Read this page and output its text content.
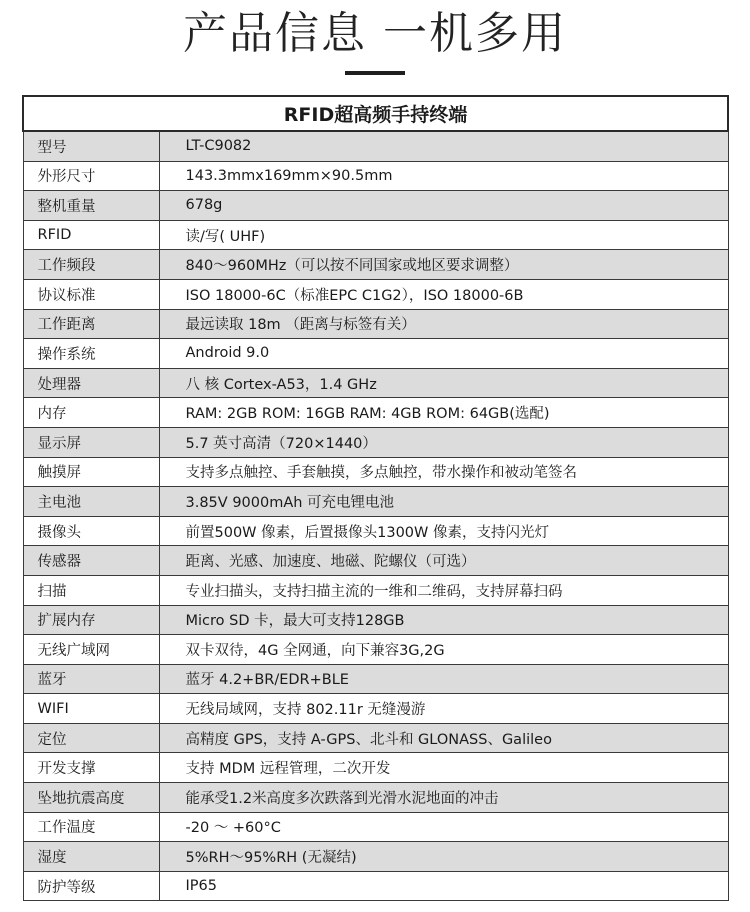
产品信息 一机多用
RFID超高频手持终端	
型号	LT-C9082
外形尺寸	143.3mmx169mm×90.5mm
整机重量	678g
RFID	读/写( UHF)
工作频段	840～960MHz（可以按不同国家或地区要求调整）
协议标准	ISO 18000-6C（标准EPC C1G2），ISO 18000-6B
工作距离	最远读取 18m （距离与标签有关）
操作系统	Android 9.0
处理器	八 核 Cortex-A53，1.4 GHz
内存	RAM: 2GB ROM: 16GB RAM: 4GB ROM: 64GB(选配)
显示屏	5.7 英寸高清（720×1440）
触摸屏	支持多点触控、手套触摸，多点触控，带水操作和被动笔签名
主电池	3.85V 9000mAh 可充电锂电池
摄像头	前置500W 像素，后置摄像头1300W 像素，支持闪光灯
传感器	距离、光感、加速度、地磁、陀螺仪（可选）
扫描	专业扫描头，支持扫描主流的一维和二维码，支持屏幕扫码
扩展内存	Micro SD 卡，最大可支持128GB
无线广域网	双卡双待，4G 全网通，向下兼容3G,2G
蓝牙	蓝牙 4.2+BR/EDR+BLE
WIFI	无线局域网，支持 802.11r 无缝漫游
定位	高精度 GPS，支持 A-GPS、北斗和 GLONASS、Galileo
开发支撑	支持 MDM 远程管理，二次开发
坠地抗震高度	能承受1.2米高度多次跌落到光滑水泥地面的冲击
工作温度	-20 ～ +60°C
湿度	5%RH～95%RH (无凝结)
防护等级	IP65
